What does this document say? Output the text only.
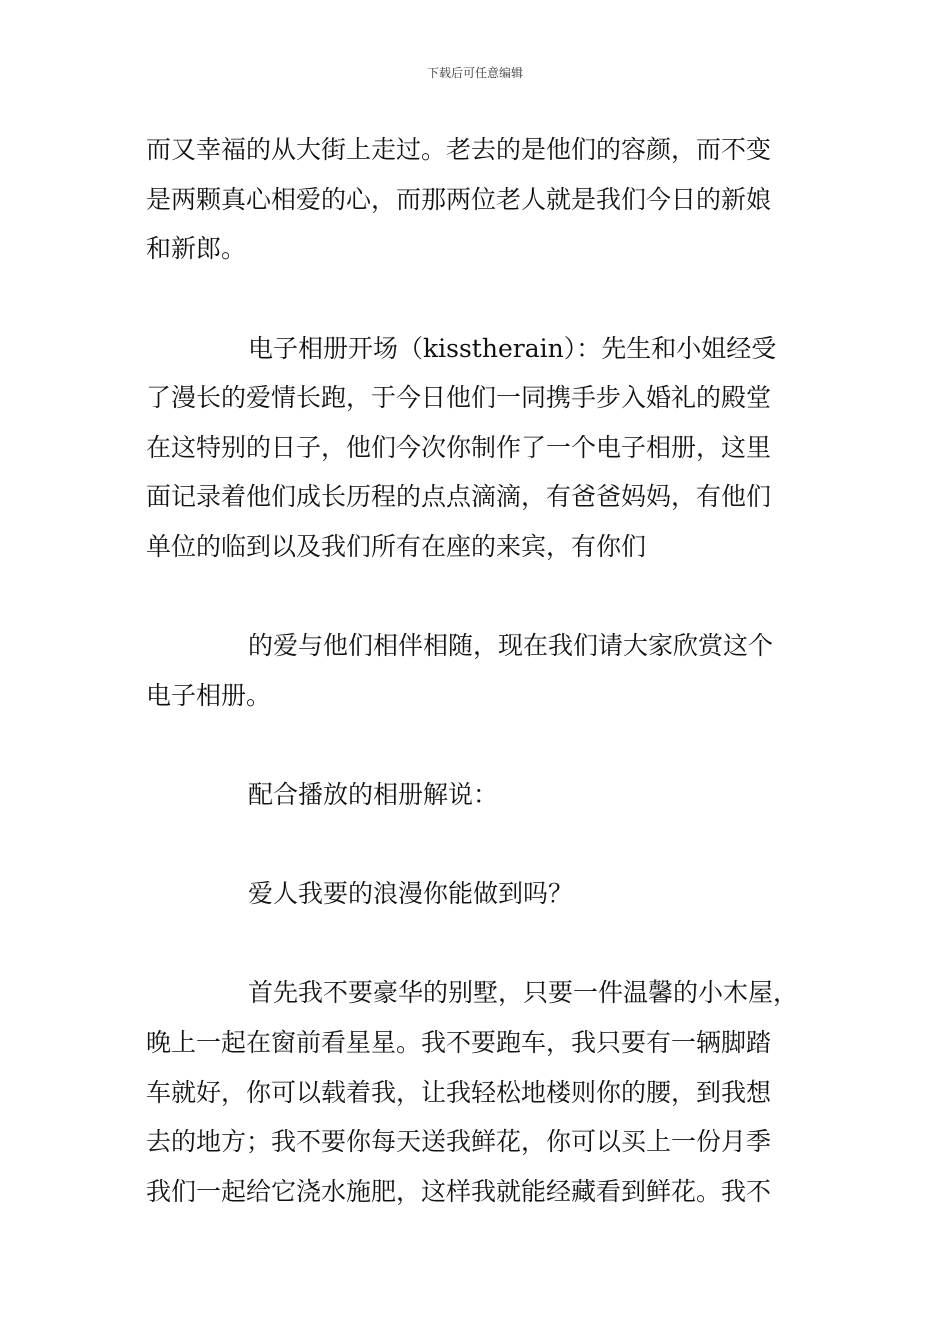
下载后可任意编辑
而又幸福的从大街上走过。老去的是他们的容颜，而不变
是两颗真心相爱的心，而那两位老人就是我们今日的新娘
和新郎。
电子相册开场（kisstherain）：先生和小姐经受
了漫长的爱情长跑，于今日他们一同携手步入婚礼的殿堂
在这特别的日子，他们今次你制作了一个电子相册，这里
面记录着他们成长历程的点点滴滴，有爸爸妈妈，有他们
单位的临到以及我们所有在座的来宾，有你们
的爱与他们相伴相随，现在我们请大家欣赏这个
电子相册。
配合播放的相册解说：
爱人我要的浪漫你能做到吗？
首先我不要豪华的别墅，只要一件温馨的小木屋，
晚上一起在窗前看星星。我不要跑车，我只要有一辆脚踏
车就好，你可以载着我，让我轻松地楼则你的腰，到我想
去的地方；我不要你每天送我鲜花，你可以买上一份月季
我们一起给它浇水施肥，这样我就能经藏看到鲜花。我不
